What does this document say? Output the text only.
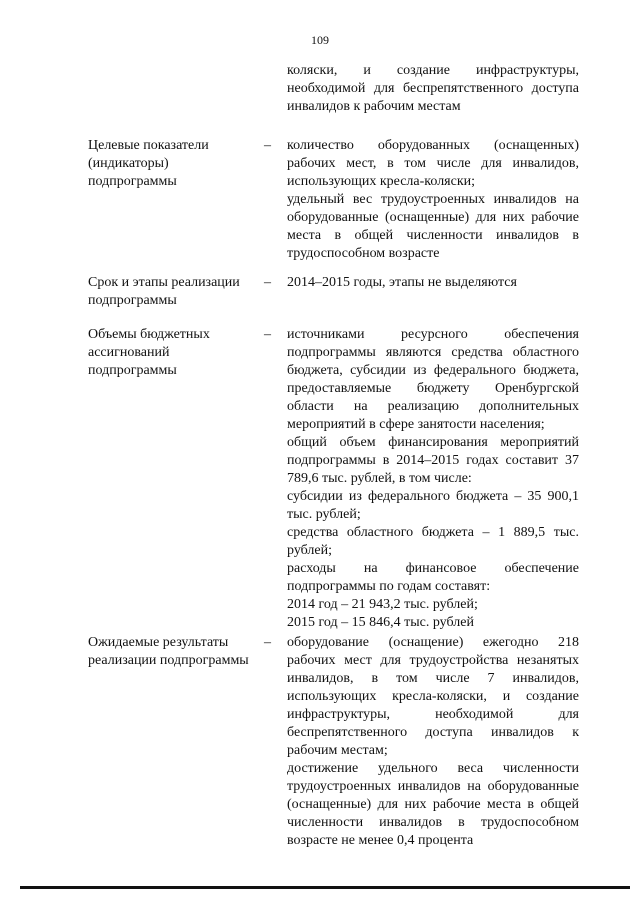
109
коляски, и создание инфраструктуры, необходимой для беспрепятственного доступа инвалидов к рабочим местам
Целевые показатели (индикаторы) подпрограммы
–	количество оборудованных (оснащенных) рабочих мест, в том числе для инвалидов, использующих кресла-коляски;
удельный вес трудоустроенных инвалидов на оборудованные (оснащенные) для них рабочие места в общей численности инвалидов в трудоспособном возрасте
Срок и этапы реализации подпрограммы
–	2014–2015 годы, этапы не выделяются
Объемы бюджетных ассигнований подпрограммы
–	источниками ресурсного обеспечения подпрограммы являются средства областного бюджета, субсидии из федерального бюджета, предоставляемые бюджету Оренбургской области на реализацию дополнительных мероприятий в сфере занятости населения;
общий объем финансирования мероприятий подпрограммы в 2014–2015 годах составит 37 789,6 тыс. рублей, в том числе:
субсидии из федерального бюджета – 35 900,1 тыс. рублей;
средства областного бюджета – 1 889,5 тыс. рублей;
расходы на финансовое обеспечение подпрограммы по годам составят:
2014 год – 21 943,2 тыс. рублей;
2015 год – 15 846,4 тыс. рублей
Ожидаемые результаты реализации подпрограммы
–	оборудование (оснащение) ежегодно 218 рабочих мест для трудоустройства незанятых инвалидов, в том числе 7 инвалидов, использующих кресла-коляски, и создание инфраструктуры, необходимой для беспрепятственного доступа инвалидов к рабочим местам;
достижение удельного веса численности трудоустроенных инвалидов на оборудованные (оснащенные) для них рабочие места в общей численности инвалидов в трудоспособном возрасте не менее 0,4 процента
